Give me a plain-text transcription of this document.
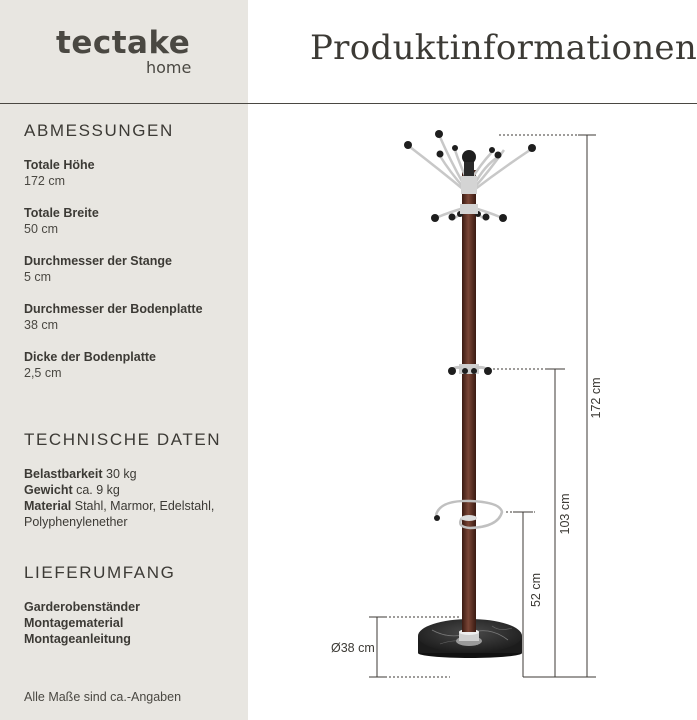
tectake
home	Produktinformationen
ABMESSUNGEN
Totale Höhe
172 cm
Totale Breite
50 cm
Durchmesser der Stange
5 cm
Durchmesser der Bodenplatte
38 cm
Dicke der Bodenplatte
2,5 cm
TECHNISCHE DATEN
Belastbarkeit 30 kg
Gewicht ca. 9 kg
Material Stahl, Marmor, Edelstahl, Polyphenylenether
LIEFERUMFANG
Garderobenständer
Montagematerial
Montageanleitung
Alle Maße sind ca.-Angaben
172 cm
103 cm
52 cm
Ø38 cm
